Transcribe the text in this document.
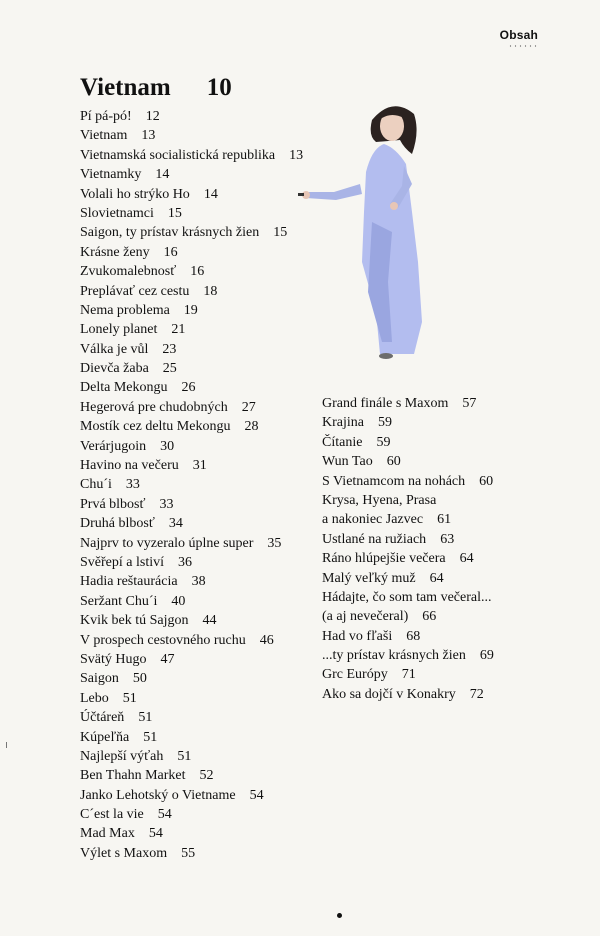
Obsah
Vietnam 10
Pí pá-pó! 12
Vietnam 13
Vietnamská socialistická republika 13
Vietnamky 14
Volali ho strýko Ho 14
Slovietnamci 15
Saigon, ty prístav krásnych žien 15
Krásne ženy 16
Zvukomalebnosť 16
Preplávať cez cestu 18
Nema problema 19
Lonely planet 21
Válka je vůl 23
Dievča žaba 25
Delta Mekongu 26
Hegerová pre chudobných 27
Mostík cez deltu Mekongu 28
Verárjugoin 30
Havino na večeru 31
Chu´i 33
Prvá blbosť 33
Druhá blbosť 34
Najprv to vyzeralo úplne super 35
Svěřepí a lstiví 36
Hadia reštaurácia 38
Seržant Chu´i 40
Kvik bek tú Sajgon 44
V prospech cestovného ruchu 46
Svätý Hugo 47
Saigon 50
Lebo 51
Účtáreň 51
Kúpeľňa 51
Najlepší výťah 51
Ben Thahn Market 52
Janko Lehotský o Vietname 54
C´est la vie 54
Mad Max 54
Výlet s Maxom 55
Grand finále s Maxom 57
Krajina 59
Čítanie 59
Wun Tao 60
S Vietnamcom na nohách 60
Krysa, Hyena, Prasa
a nakoniec Jazvec 61
Ustlané na ružiach 63
Ráno hlúpejšie večera 64
Malý veľký muž 64
Hádajte, čo som tam večeral...
(a aj nevečeral) 66
Had vo fľaši 68
...ty prístav krásnych žien 69
Grc Európy 71
Ako sa dojčí v Konakry 72
